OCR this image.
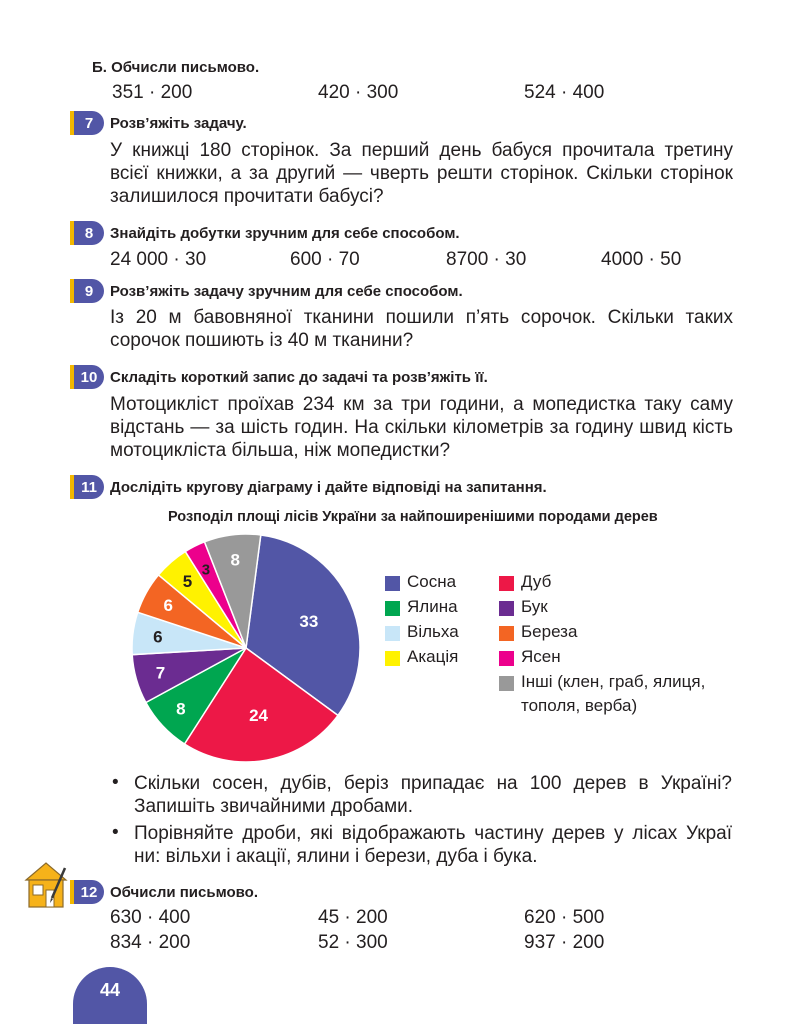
Б. Обчисли письмово.
351 · 200	420 · 300	524 · 400
7	Розв’яжіть задачу.
У книжці 180 сторінок. За перший день бабуся прочитала третину всієї книжки, а за другий — чверть решти сторінок. Скільки сторінок залишилося прочитати бабусі?
8	Знайдіть добутки зручним для себе способом.
24 000 · 30	600 · 70	8700 · 30	4000 · 50
9	Розв’яжіть задачу зручним для себе способом.
Із 20 м бавовняної тканини пошили п’ять сорочок. Скільки таких сорочок пошиють із 40 м тканини?
10 Складіть короткий запис до задачі та розв’яжіть її.
Мотоцикліст проїхав 234 км за три години, а мопедистка таку саму відстань — за шість годин. На скільки кілометрів за годину швид кість мотоцикліста більша, ніж мопедистки?
11 Дослідіть кругову діаграму і дайте відповіді на запитання.
Розподіл площі лісів України за найпоширенішими породами дерев
33
24
8
7
6
6
5
3
8
Сосна
Ялина
Вільха
Акація
Дуб
Бук
Береза
Ясен
Інші (клен, граб, ялиця,
тополя, верба)
• Скільки сосен, дубів, беріз припадає на 100 дерев в Україні? Запишіть звичайними дробами.
• Порівняйте дроби, які відображають частину дерев у лісах Украї ни: вільхи і акації, ялини і берези, дуба і бука.
12 Обчисли письмово.
630 · 400	45 · 200	620 · 500
834 · 200	52 · 300	937 · 200
44
